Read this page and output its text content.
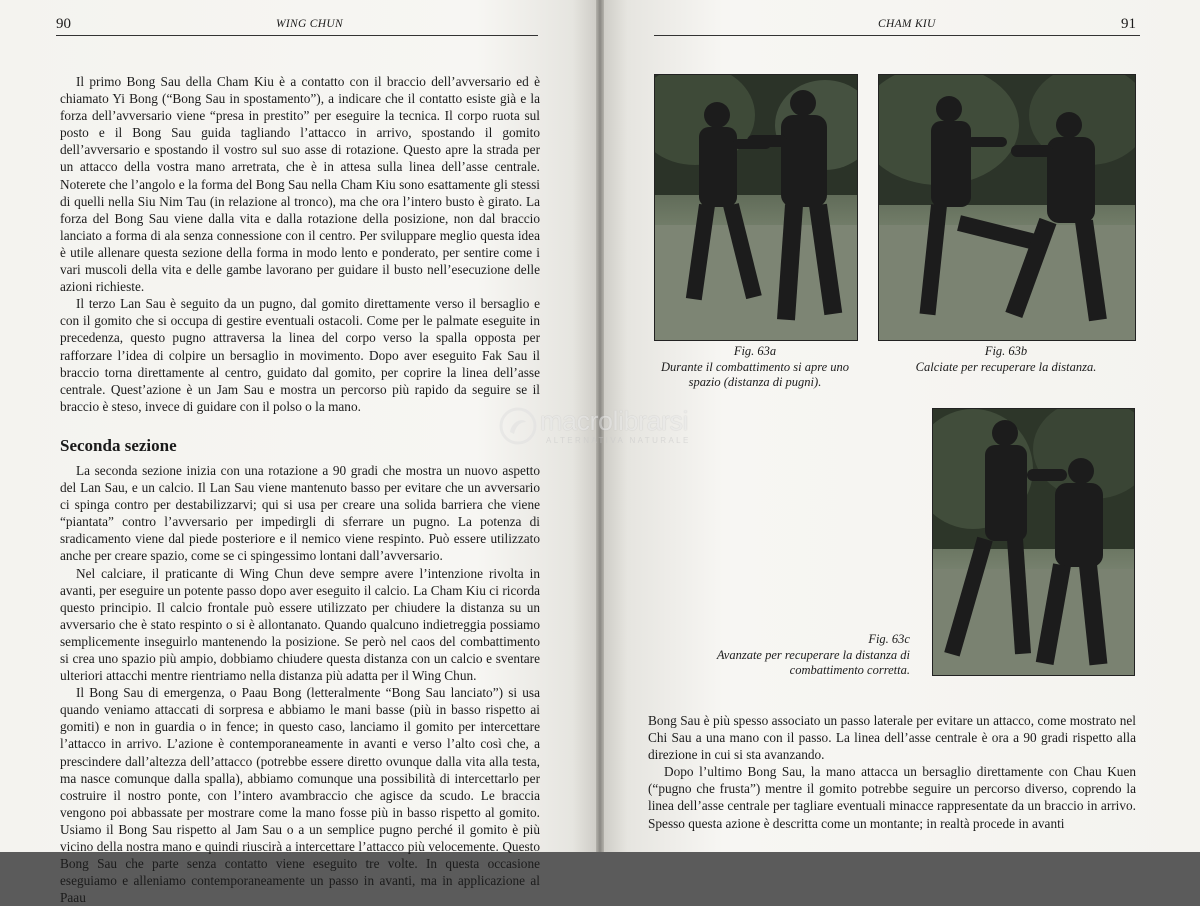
90	WING CHUN

Il primo Bong Sau della Cham Kiu è a contatto con il braccio dell’avversario ed è chiamato Yi Bong (“Bong Sau in spostamento”), a indicare che il contatto esiste già e la forza dell’avversario viene “presa in prestito” per eseguire la tecnica. Il corpo ruota sul posto e il Bong Sau guida tagliando l’attacco in arrivo, spostando il gomito dell’avversario e spostando il vostro sul suo asse di rotazione. Questo apre la strada per un attacco della vostra mano arretrata, che è in attesa sulla linea dell’asse centrale. Noterete che l’angolo e la forma del Bong Sau nella Cham Kiu sono esattamente gli stessi di quelli nella Siu Nim Tau (in relazione al tronco), ma che ora l’intero busto è girato. La forza del Bong Sau viene dalla vita e dalla rotazione della posizione, non dal braccio lanciato a forma di ala senza connessione con il centro. Per sviluppare meglio questa idea è utile allenare questa sezione della forma in modo lento e ponderato, per sentire come i vari muscoli della vita e delle gambe lavorano per guidare il busto nell’esecuzione delle azioni richieste.

Il terzo Lan Sau è seguito da un pugno, dal gomito direttamente verso il bersaglio e con il gomito che si occupa di gestire eventuali ostacoli. Come per le palmate eseguite in precedenza, questo pugno attraversa la linea del corpo verso la spalla opposta per rafforzare l’idea di colpire un bersaglio in movimento. Dopo aver eseguito Fak Sau il braccio torna direttamente al centro, guidato dal gomito, per coprire la linea dell’asse centrale. Quest’azione è un Jam Sau e mostra un percorso più rapido da seguire se il braccio è steso, invece di guidare con il polso o la mano.

Seconda sezione

La seconda sezione inizia con una rotazione a 90 gradi che mostra un nuovo aspetto del Lan Sau, e un calcio. Il Lan Sau viene mantenuto basso per evitare che un avversario ci spinga contro per destabilizzarvi; qui si usa per creare una solida barriera che viene “piantata” contro l’avversario per impedirgli di sferrare un pugno. La potenza di sradicamento viene dal piede posteriore e il nemico viene respinto. Può essere utilizzato anche per creare spazio, come se ci spingessimo lontani dall’avversario.

Nel calciare, il praticante di Wing Chun deve sempre avere l’intenzione rivolta in avanti, per eseguire un potente passo dopo aver eseguito il calcio. La Cham Kiu ci ricorda questo principio. Il calcio frontale può essere utilizzato per chiudere la distanza su un avversario che è stato respinto o si è allontanato. Quando qualcuno indietreggia possiamo semplicemente inseguirlo mantenendo la posizione. Se però nel caos del combattimento si crea uno spazio più ampio, dobbiamo chiudere questa distanza con un calcio e sventare ulteriori attacchi mentre rientriamo nella distanza più adatta per il Wing Chun.

Il Bong Sau di emergenza, o Paau Bong (letteralmente “Bong Sau lanciato”) si usa quando veniamo attaccati di sorpresa e abbiamo le mani basse (più in basso rispetto ai gomiti) e non in guardia o in fence; in questo caso, lanciamo il gomito per intercettare l’attacco in arrivo. L’azione è contemporaneamente in avanti e verso l’alto così che, a prescindere dall’altezza dell’attacco (potrebbe essere diretto ovunque dalla vita alla testa, ma nasce comunque dalla spalla), abbiamo comunque una possibilità di intercettarlo per costruire il nostro ponte, con l’intero avambraccio che agisce da scudo. Le braccia vengono poi abbassate per mostrare come la mano fosse più in basso rispetto al gomito. Usiamo il Bong Sau rispetto al Jam Sau o a un semplice pugno perché il gomito è più vicino della nostra mano e quindi riuscirà a intercettare l’attacco più velocemente. Questo Bong Sau che parte senza contatto viene eseguito tre volte. In questa occasione eseguiamo e alleniamo contemporaneamente un passo in avanti, ma in applicazione al Paau

CHAM KIU	91
Fig. 63a
Durante il combattimento si apre uno spazio (distanza di pugni).
Fig. 63b
Calciate per recuperare la distanza.
Fig. 63c
Avanzate per recuperare la distanza di combattimento corretta.

Bong Sau è più spesso associato un passo laterale per evitare un attacco, come mostrato nel Chi Sau a una mano con il passo. La linea dell’asse centrale è ora a 90 gradi rispetto alla direzione in cui si sta avanzando.

Dopo l’ultimo Bong Sau, la mano attacca un bersaglio direttamente con Chau Kuen (“pugno che frusta”) mentre il gomito potrebbe seguire un percorso diverso, coprendo la linea dell’asse centrale per tagliare eventuali minacce rappresentate da un braccio in arrivo. Spesso questa azione è descritta come un montante; in realtà procede in avanti

macrolibrarsi
ALTERNATIVA NATURALE
